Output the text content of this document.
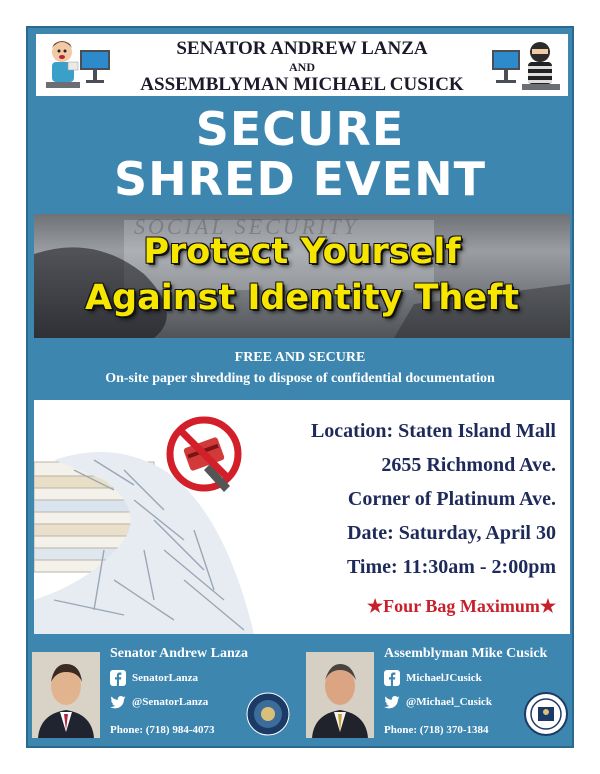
SENATOR ANDREW LANZA
AND
ASSEMBLYMAN MICHAEL CUSICK
SECURE
SHRED EVENT
Protect Yourself
Against Identity Theft
FREE AND SECURE
On-site paper shredding to dispose of confidential documentation
Location: Staten Island Mall
2655 Richmond Ave.
Corner of Platinum Ave.
Date: Saturday, April 30
Time: 11:30am - 2:00pm
★Four Bag Maximum★
Senator Andrew Lanza
SenatorLanza
@SenatorLanza
Phone: (718) 984-4073
Assemblyman Mike Cusick
MichaelJCusick
@Michael_Cusick
Phone: (718) 370-1384
